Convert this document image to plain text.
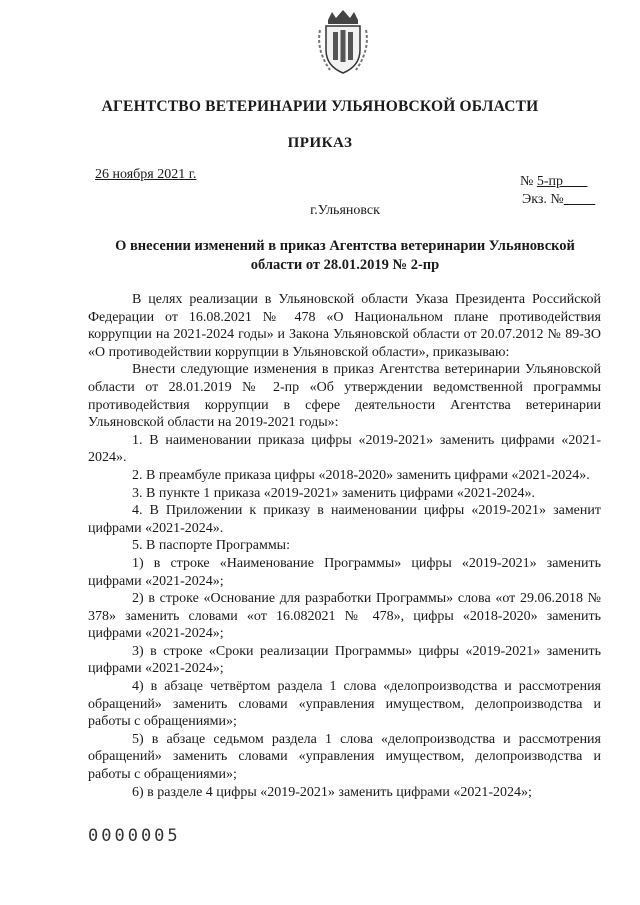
АГЕНТСТВО ВЕТЕРИНАРИИ УЛЬЯНОВСКОЙ ОБЛАСТИ
ПРИКАЗ
26 ноября 2021 г.	№ 5-пр
Экз. №
г.Ульяновск
О внесении изменений в приказ Агентства ветеринарии Ульяновской области от 28.01.2019 № 2-пр

В целях реализации в Ульяновской области Указа Президента Российской Федерации от 16.08.2021 № 478 «О Национальном плане противодействия коррупции на 2021-2024 годы» и Закона Ульяновской области от 20.07.2012 № 89-ЗО «О противодействии коррупции в Ульяновской области», приказываю:

Внести следующие изменения в приказ Агентства ветеринарии Ульяновской области от 28.01.2019 № 2-пр «Об утверждении ведомственной программы противодействия коррупции в сфере деятельности Агентства ветеринарии Ульяновской области на 2019-2021 годы»:

1. В наименовании приказа цифры «2019-2021» заменить цифрами «2021-2024».

2. В преамбуле приказа цифры «2018-2020» заменить цифрами «2021-2024».

3. В пункте 1 приказа «2019-2021» заменить цифрами «2021-2024».

4. В Приложении к приказу в наименовании цифры «2019-2021» заменит цифрами «2021-2024».

5. В паспорте Программы:

1) в строке «Наименование Программы» цифры «2019-2021» заменить цифрами «2021-2024»;

2) в строке «Основание для разработки Программы» слова «от 29.06.2018 № 378» заменить словами «от 16.082021 № 478», цифры «2018-2020» заменить цифрами «2021-2024»;

3) в строке «Сроки реализации Программы» цифры «2019-2021» заменить цифрами «2021-2024»;

4) в абзаце четвёртом раздела 1 слова «делопроизводства и рассмотрения обращений» заменить словами «управления имуществом, делопроизводства и работы с обращениями»;

5) в абзаце седьмом раздела 1 слова «делопроизводства и рассмотрения обращений» заменить словами «управления имуществом, делопроизводства и работы с обращениями»;

6) в разделе 4 цифры «2019-2021» заменить цифрами «2021-2024»;

0000005
